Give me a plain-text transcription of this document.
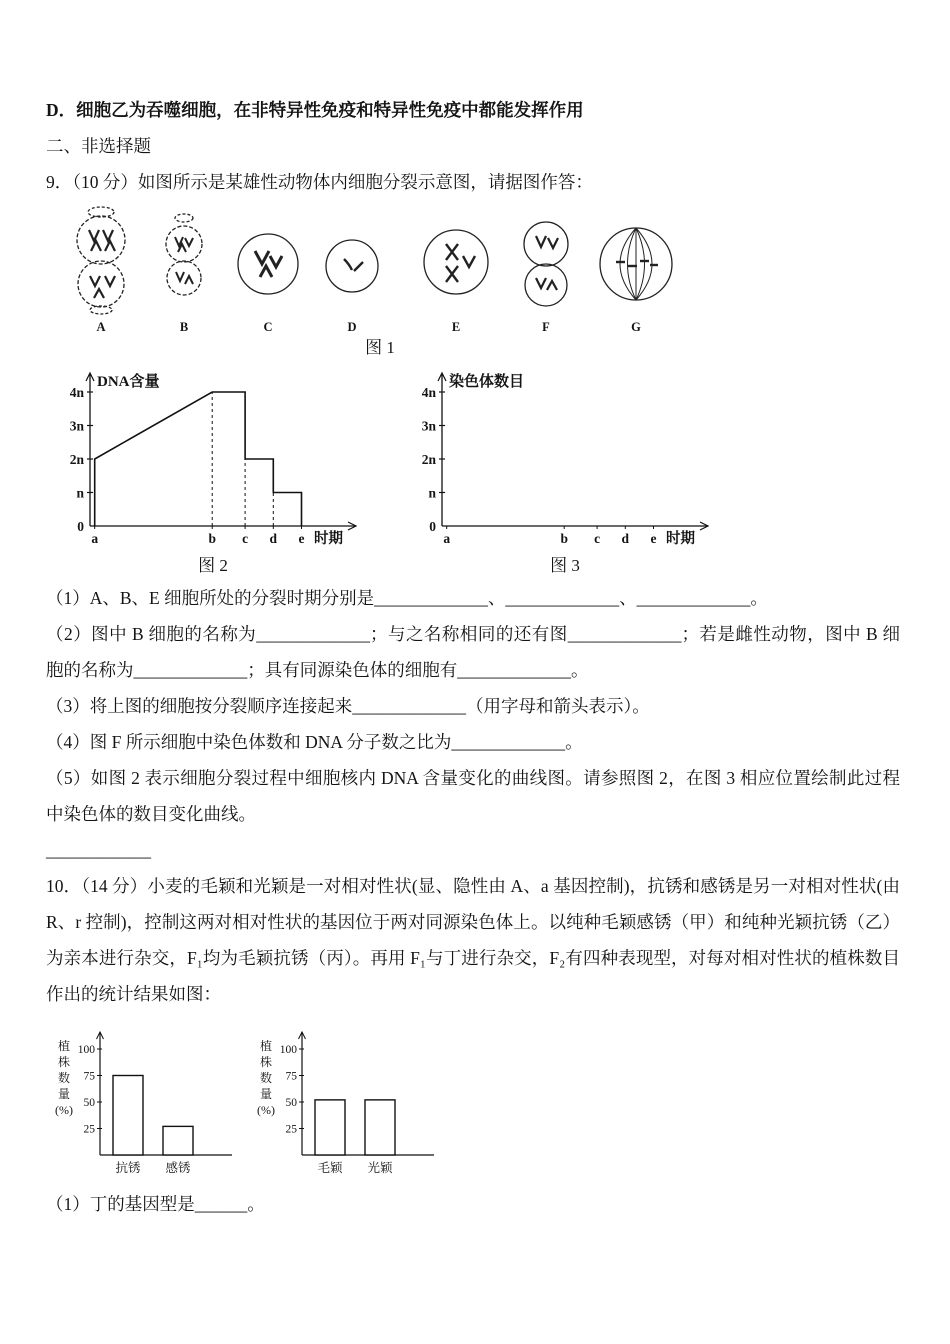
D．细胞乙为吞噬细胞，在非特异性免疫和特异性免疫中都能发挥作用

二、非选择题

9．（10 分）如图所示是某雄性动物体内细胞分裂示意图，请据图作答：

A	B	C	D	E	F	G
图 1
DNA含量
时期
4n
3n
2n
n
0
a	b c d e
图 2
染色体数目
时期
4n
3n
2n
n
0
a	b c d e
图 3

（1）A、B、E 细胞所处的分裂时期分别是_____________、_____________、_____________。

（2）图中 B 细胞的名称为_____________；与之名称相同的还有图_____________；若是雌性动物，图中 B 细胞的名称为_____________；具有同源染色体的细胞有_____________。

（3）将上图的细胞按分裂顺序连接起来_____________（用字母和箭头表示）。

（4）图 F 所示细胞中染色体数和 DNA 分子数之比为_____________。

（5）如图 2 表示细胞分裂过程中细胞核内 DNA 含量变化的曲线图。请参照图 2，在图 3 相应位置绘制此过程中染色体的数目变化曲线。

____________

10．（14 分）小麦的毛颖和光颖是一对相对性状(显、隐性由 A、a 基因控制)，抗锈和感锈是另一对相对性状(由 R、r 控制)，控制这两对相对性状的基因位于两对同源染色体上。以纯种毛颖感锈（甲）和纯种光颖抗锈（乙）为亲本进行杂交，F₁均为毛颖抗锈（丙）。再用 F₁与丁进行杂交，F₂有四种表现型，对每对相对性状的植株数目作出的统计结果如图：

植
株
数
量
(%)
100
75
50
25
抗锈 感锈
植
株
数
量
(%)
100
75
50
25
毛颖 光颖

（1）丁的基因型是______。
